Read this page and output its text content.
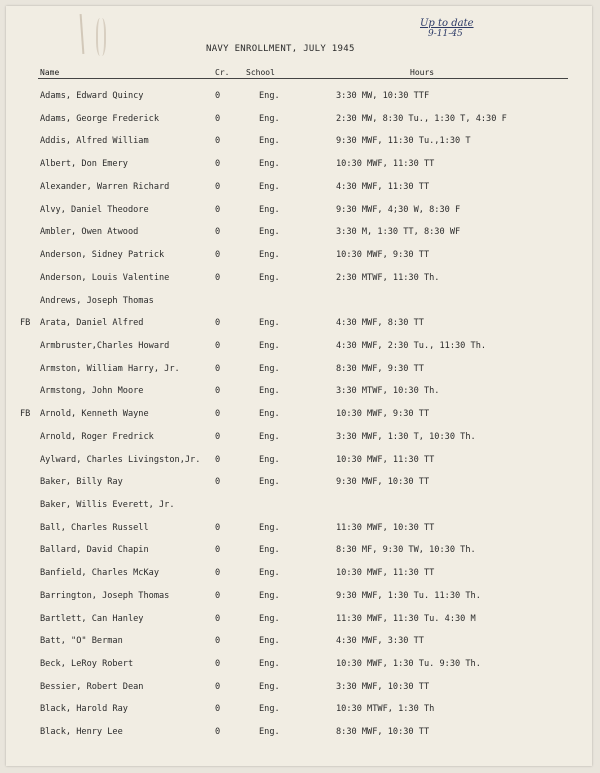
Up to date
9-11-45
NAVY ENROLLMENT, JULY 1945
Name	Cr. School	Hours
Adams, Edward Quincy	0	Eng.	3:30 MW, 10:30 TTF
Adams, George Frederick	0	Eng.	2:30 MW, 8:30 Tu., 1:30 T, 4:30 F
Addis, Alfred William	0	Eng.	9:30 MWF, 11:30 Tu.,1:30 T
Albert, Don Emery	0	Eng.	10:30 MWF, 11:30 TT
Alexander, Warren Richard	0	Eng.	4:30 MWF, 11:30 TT
Alvy, Daniel Theodore	0	Eng.	9:30 MWF, 4;30 W, 8:30 F
Ambler, Owen Atwood	0	Eng.	3:30 M, 1:30 TT, 8:30 WF
Anderson, Sidney Patrick	0	Eng.	10:30 MWF, 9:30 TT
Anderson, Louis Valentine	0	Eng.	2:30 MTWF, 11:30 Th.
Andrews, Joseph Thomas
FB Arata, Daniel Alfred	0	Eng.	4:30 MWF, 8:30 TT
Armbruster,Charles Howard	0	Eng.	4:30 MWF, 2:30 Tu., 11:30 Th.
Armston, William Harry, Jr.	0	Eng.	8:30 MWF, 9:30 TT
Armstong, John Moore	0	Eng.	3:30 MTWF, 10:30 Th.
FB Arnold, Kenneth Wayne	0	Eng.	10:30 MWF, 9:30 TT
Arnold, Roger Fredrick	0	Eng.	3:30 MWF, 1:30 T, 10:30 Th.
Aylward, Charles Livingston,Jr. 0	Eng.	10:30 MWF, 11:30 TT
Baker, Billy Ray	0	Eng.	9:30 MWF, 10:30 TT
Baker, Willis Everett, Jr.
Ball, Charles Russell	0	Eng.	11:30 MWF, 10:30 TT
Ballard, David Chapin	0	Eng.	8:30 MF, 9:30 TW, 10:30 Th.
Banfield, Charles McKay	0	Eng.	10:30 MWF, 11:30 TT
Barrington, Joseph Thomas	0	Eng.	9:30 MWF, 1:30 Tu. 11:30 Th.
Bartlett, Can Hanley	0	Eng.	11:30 MWF, 11:30 Tu. 4:30 M
Batt, "O" Berman	0	Eng.	4:30 MWF, 3:30 TT
Beck, LeRoy Robert	0	Eng.	10:30 MWF, 1:30 Tu. 9:30 Th.
Bessier, Robert Dean	0	Eng.	3:30 MWF, 10:30 TT
Black, Harold Ray	0	Eng.	10:30 MTWF, 1:30 Th
Black, Henry Lee	0	Eng.	8:30 MWF, 10:30 TT
